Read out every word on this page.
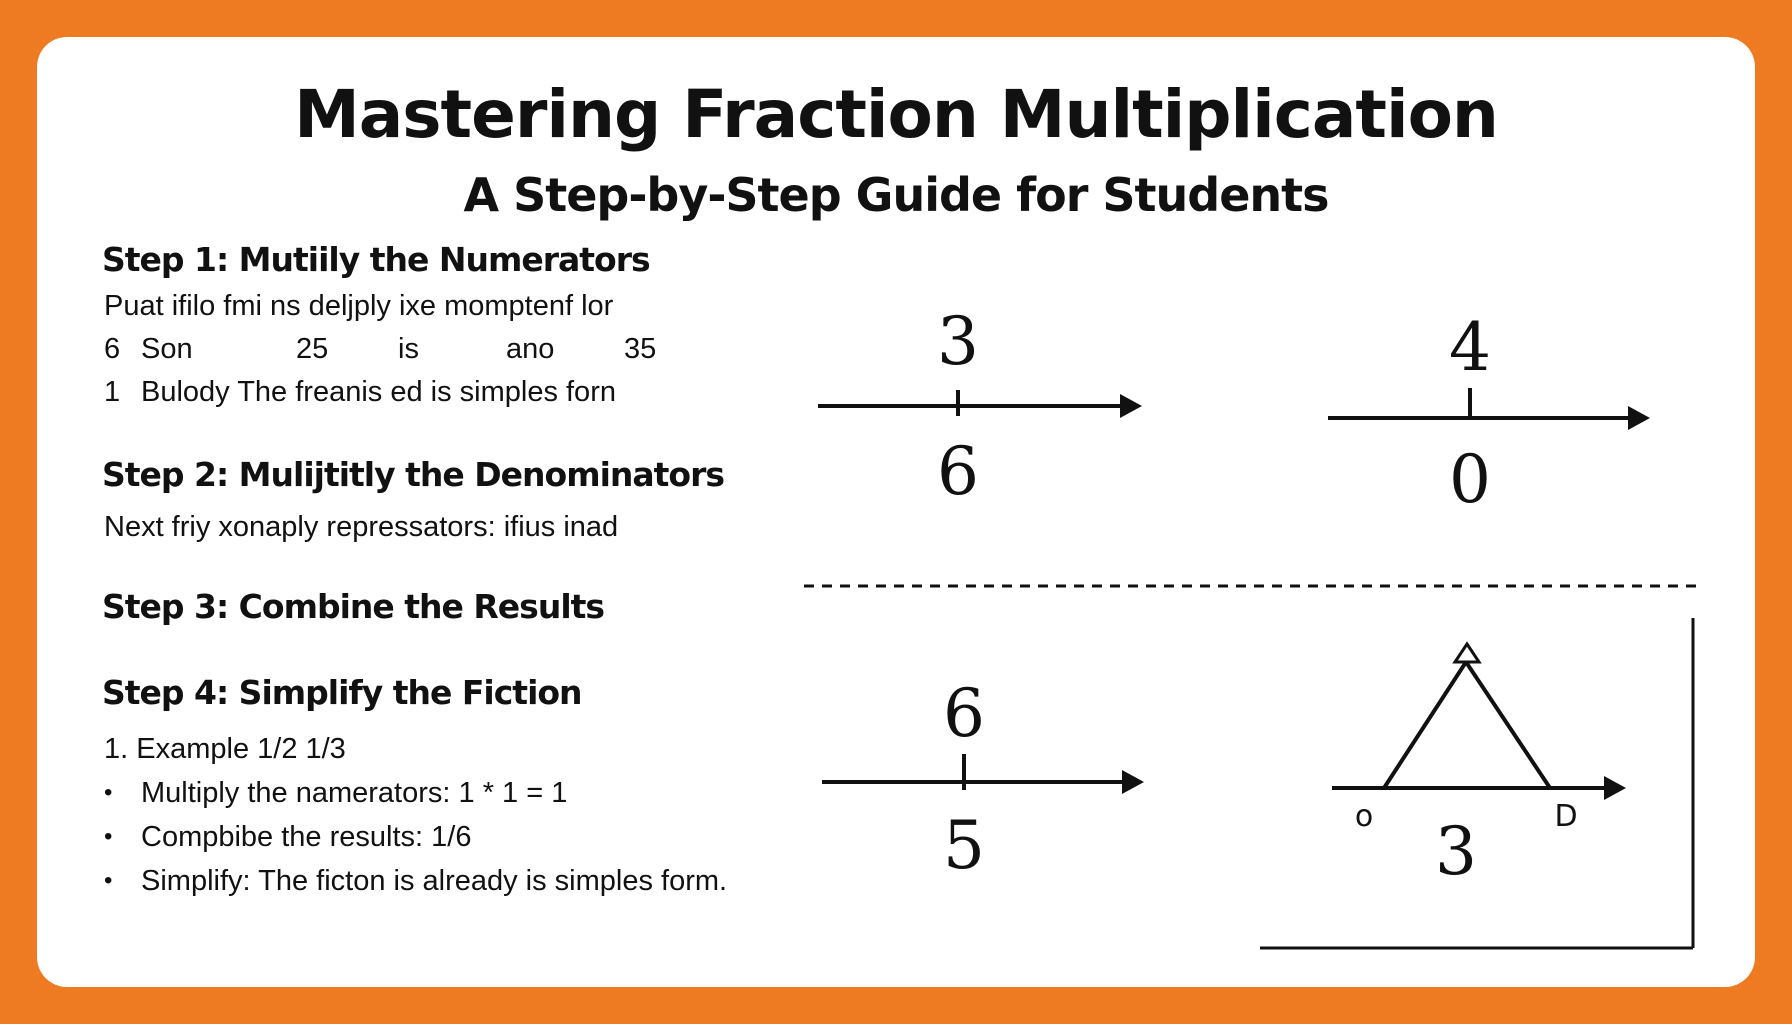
Mastering Fraction Multiplication
A Step-by-Step Guide for Students
Step 1: Mutiily the Numerators
Puat ifilo fmi ns deljply ixe momptenf lor
6 Son	25 is	ano 35
1 Bulody The freanis ed is simples forn
Step 2: Mulijtitly the Denominators
Next friy xonaply repressators: ifius inad
Step 3: Combine the Results
Step 4: Simplify the Fiction
1. Example 1/2 1/3
• Multiply the namerators: 1 * 1 = 1
• Compbibe the results: 1/6
• Simplify: The ficton is already is simples form.
3
6
4
0
6
5	o	D
3
